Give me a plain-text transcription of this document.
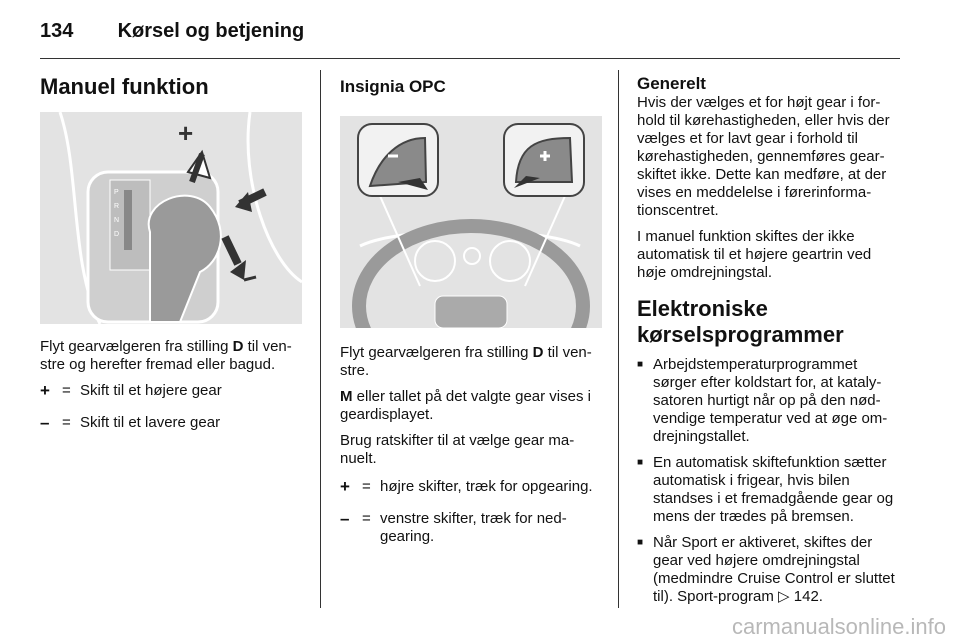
134 Kørsel og betjening
Manuel funktion
P
R
N
D
+

Flyt gearvælgeren fra stilling D til venstre og herefter fremad eller bagud.

+ = Skift til et højere gear
– = Skift til et lavere gear
Insignia OPC

Flyt gearvælgeren fra stilling D til venstre.

M eller tallet på det valgte gear vises i geardisplayet.

Brug ratskifter til at vælge gear manuelt.

+ = højre skifter, træk for opgearing.
– = venstre skifter, træk for nedgearing.
Generelt

Hvis der vælges et for højt gear i forhold til kørehastigheden, eller hvis der vælges et for lavt gear i forhold til kørehastigheden, gennemføres gearskiftet ikke. Dette kan medføre, at der vises en meddelelse i førerinformationscentret.

I manuel funktion skiftes der ikke automatisk til et højere geartrin ved høje omdrejningstal.

Elektroniske kørselsprogrammer
■ Arbejdstemperaturprogrammet sørger efter koldstart for, at katalysatoren hurtigt når op på den nødvendige temperatur ved at øge omdrejningstallet.
■ En automatisk skiftefunktion sætter automatisk i frigear, hvis bilen standses i et fremadgående gear og mens der trædes på bremsen.
■ Når Sport er aktiveret, skiftes der gear ved højere omdrejningstal (medmindre Cruise Control er sluttet til). Sport-program ▷ 142.
carmanualsonline.info
